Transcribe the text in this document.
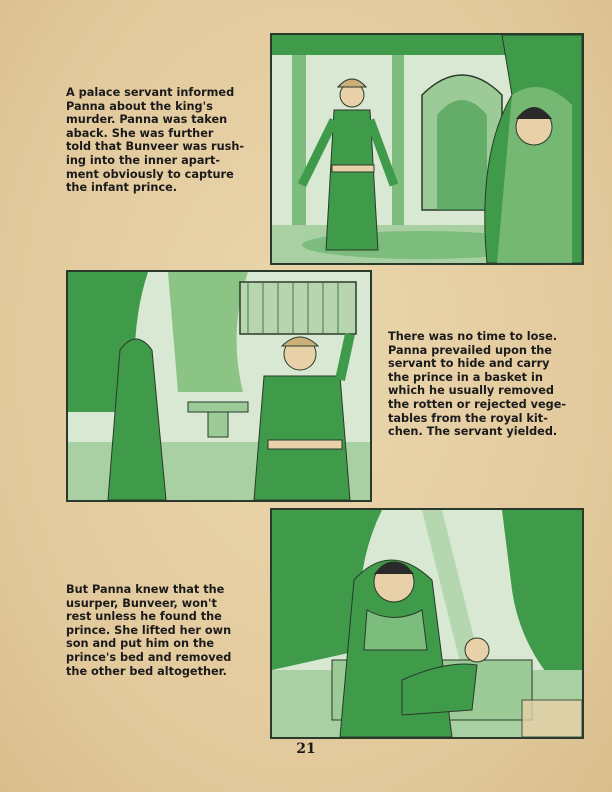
A palace servant informed
Panna about the king's
murder. Panna was taken
aback. She was further
told that Bunveer was rush-
ing into the inner apart-
ment obviously to capture
the infant prince.
There was no time to lose.
Panna prevailed upon the
servant to hide and carry
the prince in a basket in
which he usually removed
the rotten or rejected vege-
tables from the royal kit-
chen. The servant yielded.
But Panna knew that the
usurper, Bunveer, won't
rest unless he found the
prince. She lifted her own
son and put him on the
prince's bed and removed
the other bed altogether.
21
